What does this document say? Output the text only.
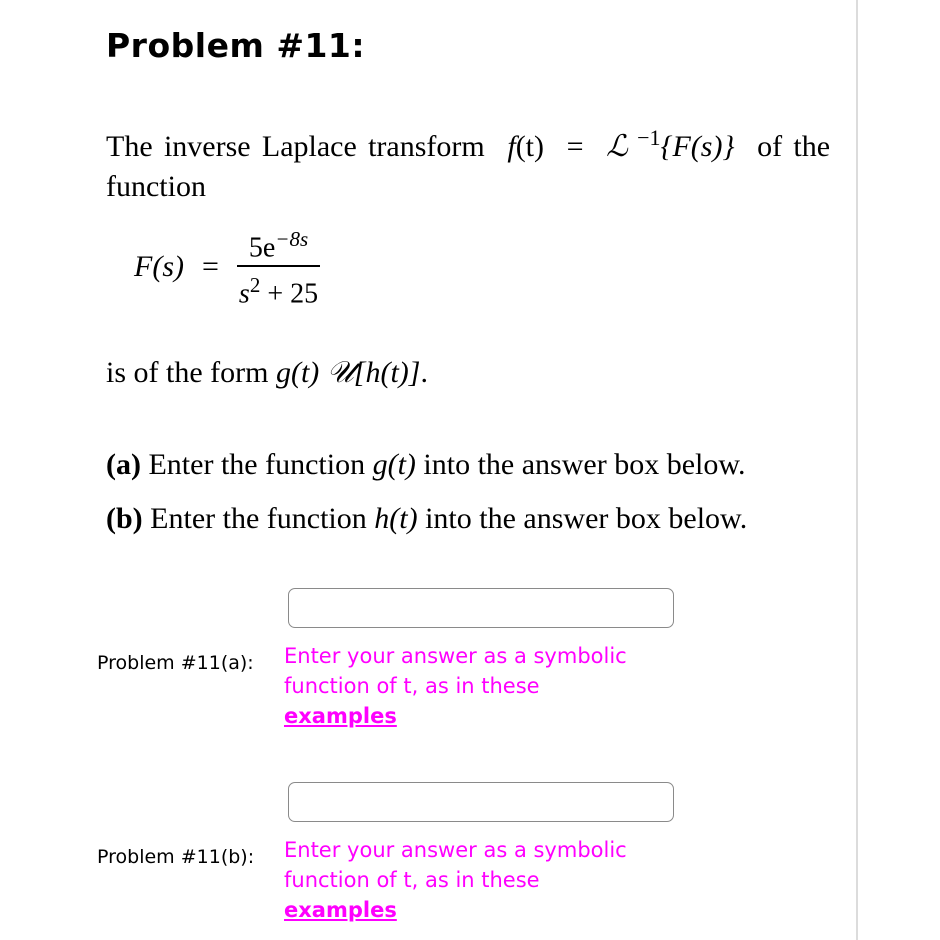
Problem #11:

The inverse Laplace transform f(t) = ℒ $^{-1}${F(s)} of the function

$F(s) = \frac{5e^{-8s}}{s^2 + 25}$

is of the form g(t) 𝒰[h(t)].

(a) Enter the function g(t) into the answer box below.

(b) Enter the function h(t) into the answer box below.

Problem #11(a): Enter your answer as a symbolic function of t, as in these
examples
Problem #11(b): Enter your answer as a symbolic function of t, as in these
examples
